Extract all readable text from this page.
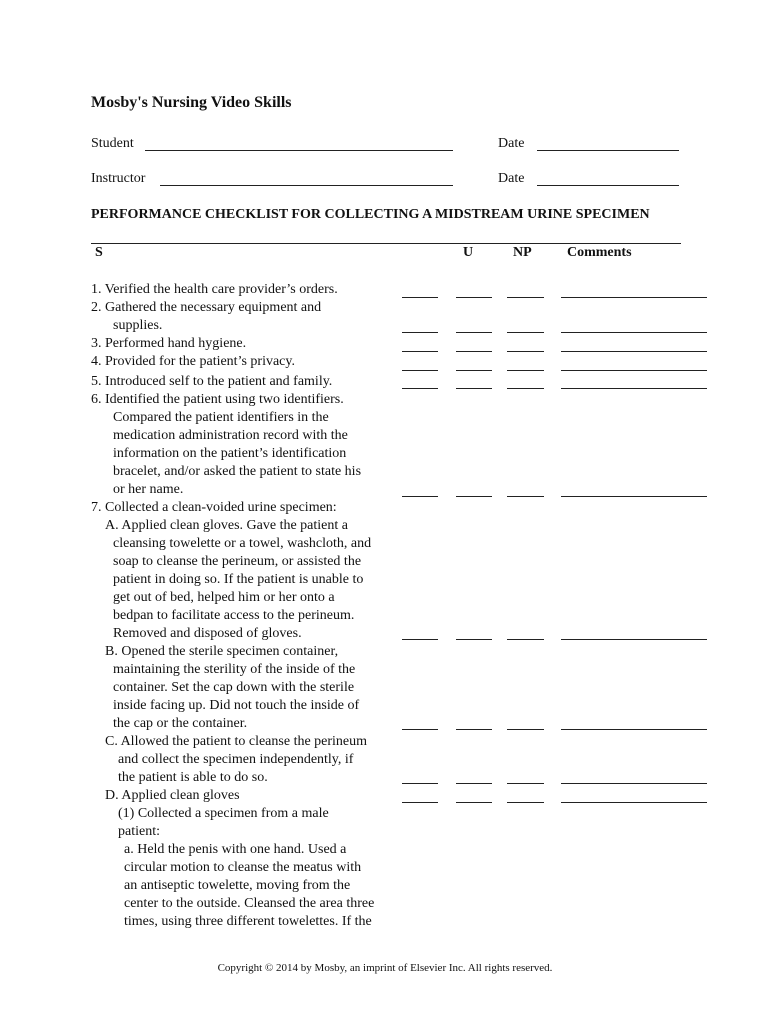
Mosby's Nursing Video Skills
Student	Date
Instructor	Date
PERFORMANCE CHECKLIST FOR COLLECTING A MIDSTREAM URINE SPECIMEN
S	U	NP	Comments
1. Verified the health care provider’s orders.
2. Gathered the necessary equipment and
supplies.
3. Performed hand hygiene.
4. Provided for the patient’s privacy.
5. Introduced self to the patient and family.
6. Identified the patient using two identifiers.
Compared the patient identifiers in the
medication administration record with the
information on the patient’s identification
bracelet, and/or asked the patient to state his
or her name.
7. Collected a clean-voided urine specimen:
A. Applied clean gloves. Gave the patient a
cleansing towelette or a towel, washcloth, and
soap to cleanse the perineum, or assisted the
patient in doing so. If the patient is unable to
get out of bed, helped him or her onto a
bedpan to facilitate access to the perineum.
Removed and disposed of gloves.
B. Opened the sterile specimen container,
maintaining the sterility of the inside of the
container. Set the cap down with the sterile
inside facing up. Did not touch the inside of
the cap or the container.
C. Allowed the patient to cleanse the perineum
and collect the specimen independently, if
the patient is able to do so.
D. Applied clean gloves
(1) Collected a specimen from a male
patient:
a. Held the penis with one hand. Used a
circular motion to cleanse the meatus with
an antiseptic towelette, moving from the
center to the outside. Cleansed the area three
times, using three different towelettes. If the
Copyright © 2014 by Mosby, an imprint of Elsevier Inc. All rights reserved.
